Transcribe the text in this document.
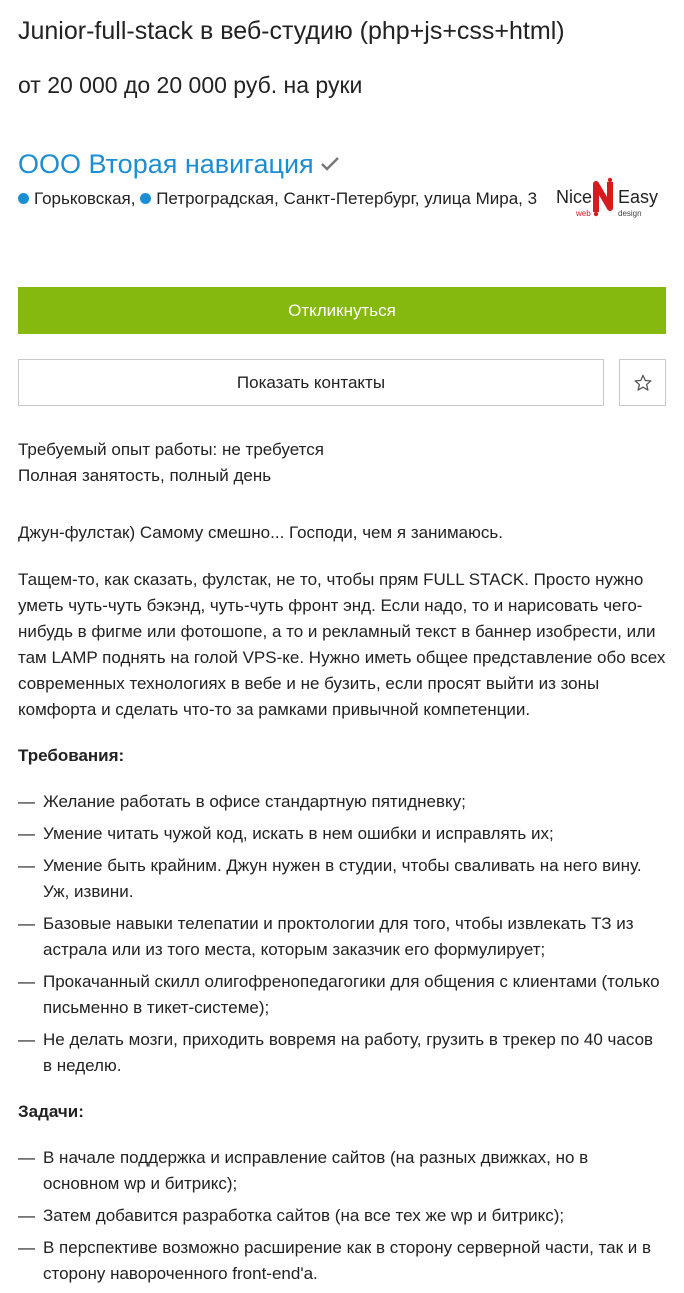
Junior-full-stack в веб-студию (php+js+css+html)
от 20 000 до 20 000 руб. на руки
ООО Вторая навигация
Горьковская, Петроградская, Санкт-Петербург, улица Мира, 3 Nice Easy
web	design
Откликнуться
Показать контакты
Требуемый опыт работы: не требуется
Полная занятость, полный день

Джун-фулстак) Самому смешно... Господи, чем я занимаюсь.

Тащем-то, как сказать, фулстак, не то, чтобы прям FULL STACK. Просто нужно уметь чуть-чуть бэкэнд, чуть-чуть фронт энд. Если надо, то и нарисовать чего-нибудь в фигме или фотошопе, а то и рекламный текст в баннер изобрести, или там LAMP поднять на голой VPS-ке. Нужно иметь общее представление обо всех современных технологиях в вебе и не бузить, если просят выйти из зоны комфорта и сделать что-то за рамками привычной компетенции.

Требования:
— Желание работать в офисе стандартную пятидневку;
— Умение читать чужой код, искать в нем ошибки и исправлять их;
— Умение быть крайним. Джун нужен в студии, чтобы сваливать на него вину. Уж, извини.
— Базовые навыки телепатии и проктологии для того, чтобы извлекать ТЗ из астрала или из того места, которым заказчик его формулирует;
— Прокачанный скилл олигофренопедагогики для общения с клиентами (только письменно в тикет-системе);
— Не делать мозги, приходить вовремя на работу, грузить в трекер по 40 часов в неделю.
Задачи:
— В начале поддержка и исправление сайтов (на разных движках, но в основном wp и битрикс);
— Затем добавится разработка сайтов (на все тех же wp и битрикс);
— В перспективе возможно расширение как в сторону серверной части, так и в сторону навороченного front-end'а.
